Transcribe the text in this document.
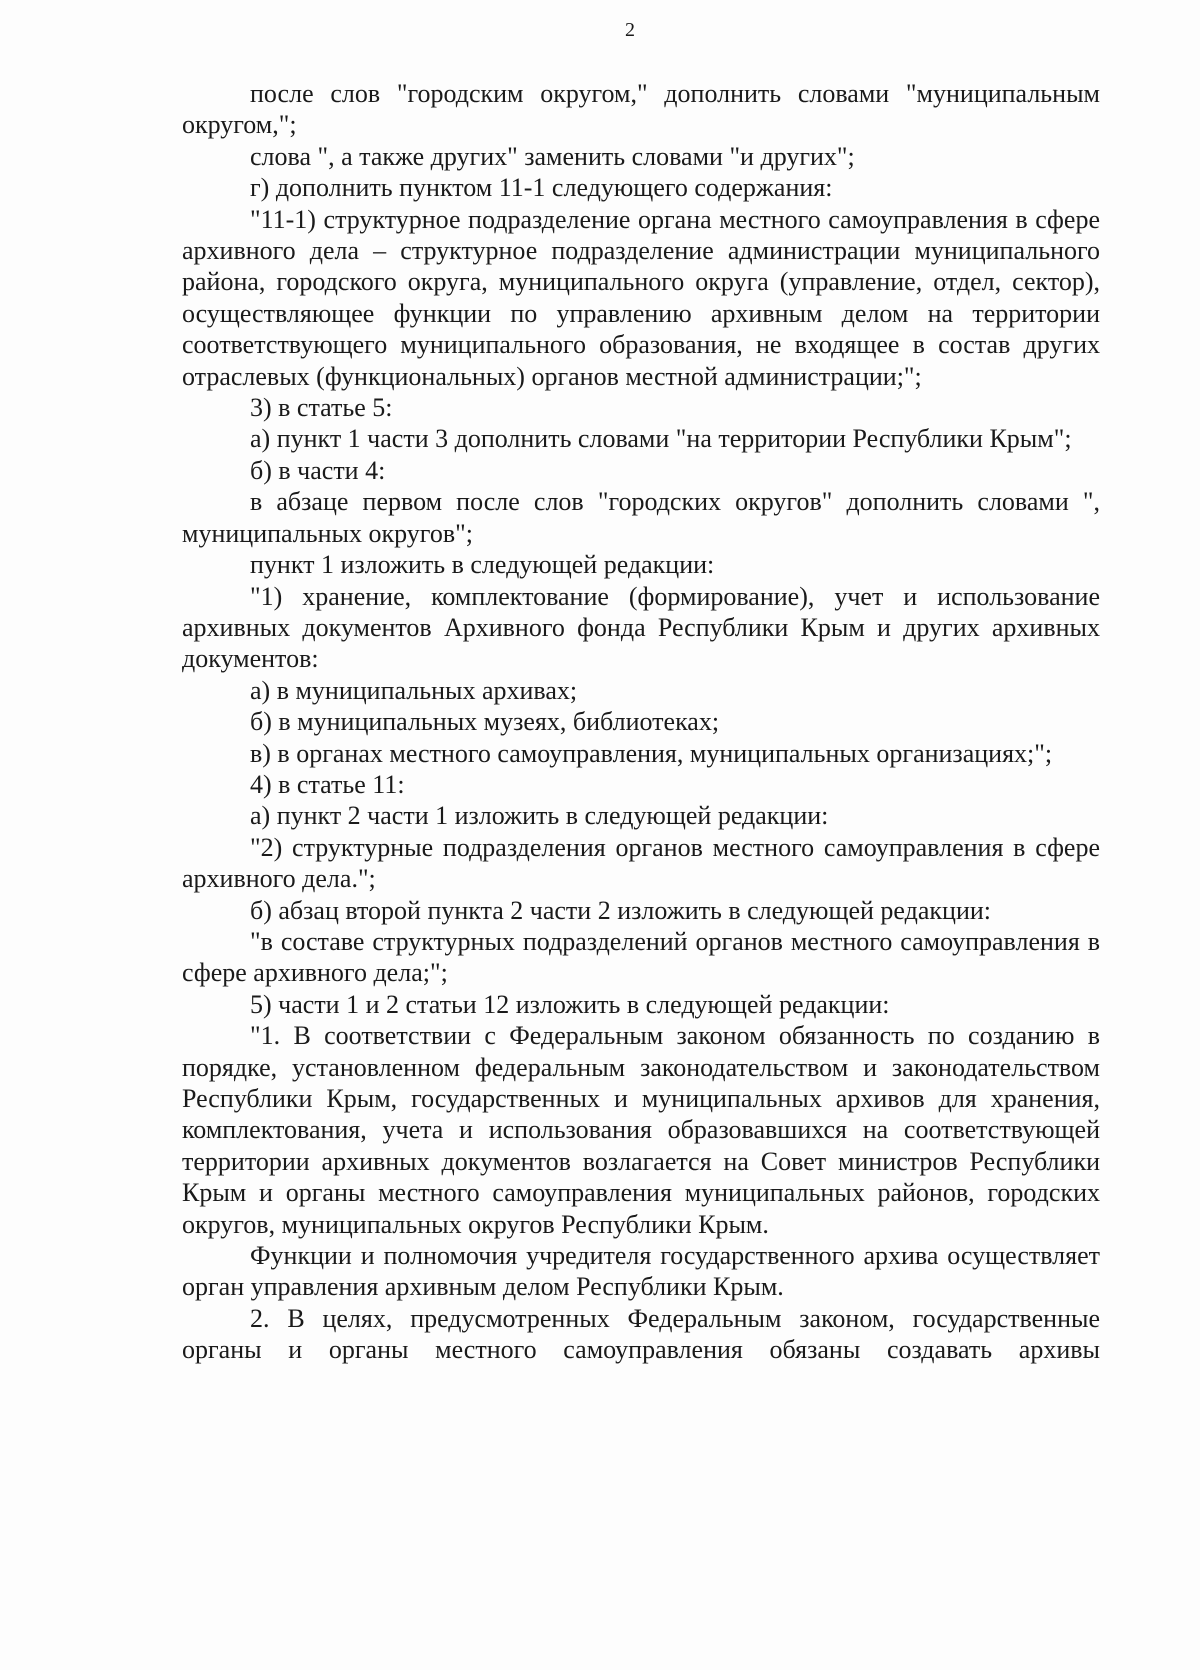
2

после слов "городским округом," дополнить словами "муниципальным округом,";

слова ", а также других" заменить словами "и других";

г) дополнить пунктом 11-1 следующего содержания:

"11-1) структурное подразделение органа местного самоуправления в сфере архивного дела – структурное подразделение администрации муниципального района, городского округа, муниципального округа (управление, отдел, сектор), осуществляющее функции по управлению архивным делом на территории соответствующего муниципального образования, не входящее в состав других отраслевых (функциональных) органов местной администрации;";

3) в статье 5:

а) пункт 1 части 3 дополнить словами "на территории Республики Крым";

б) в части 4:

в абзаце первом после слов "городских округов" дополнить словами ", муниципальных округов";

пункт 1 изложить в следующей редакции:

"1) хранение, комплектование (формирование), учет и использование архивных документов Архивного фонда Республики Крым и других архивных документов:

а) в муниципальных архивах;

б) в муниципальных музеях, библиотеках;

в) в органах местного самоуправления, муниципальных организациях;";

4) в статье 11:

а) пункт 2 части 1 изложить в следующей редакции:

"2) структурные подразделения органов местного самоуправления в сфере архивного дела.";

б) абзац второй пункта 2 части 2 изложить в следующей редакции:

"в составе структурных подразделений органов местного самоуправления в сфере архивного дела;";

5) части 1 и 2 статьи 12 изложить в следующей редакции:

"1. В соответствии с Федеральным законом обязанность по созданию в порядке, установленном федеральным законодательством и законодательством Республики Крым, государственных и муниципальных архивов для хранения, комплектования, учета и использования образовавшихся на соответствующей территории архивных документов возлагается на Совет министров Республики Крым и органы местного самоуправления муниципальных районов, городских округов, муниципальных округов Республики Крым.

Функции и полномочия учредителя государственного архива осуществляет орган управления архивным делом Республики Крым.

2. В целях, предусмотренных Федеральным законом, государственные органы и органы местного самоуправления обязаны создавать архивы
